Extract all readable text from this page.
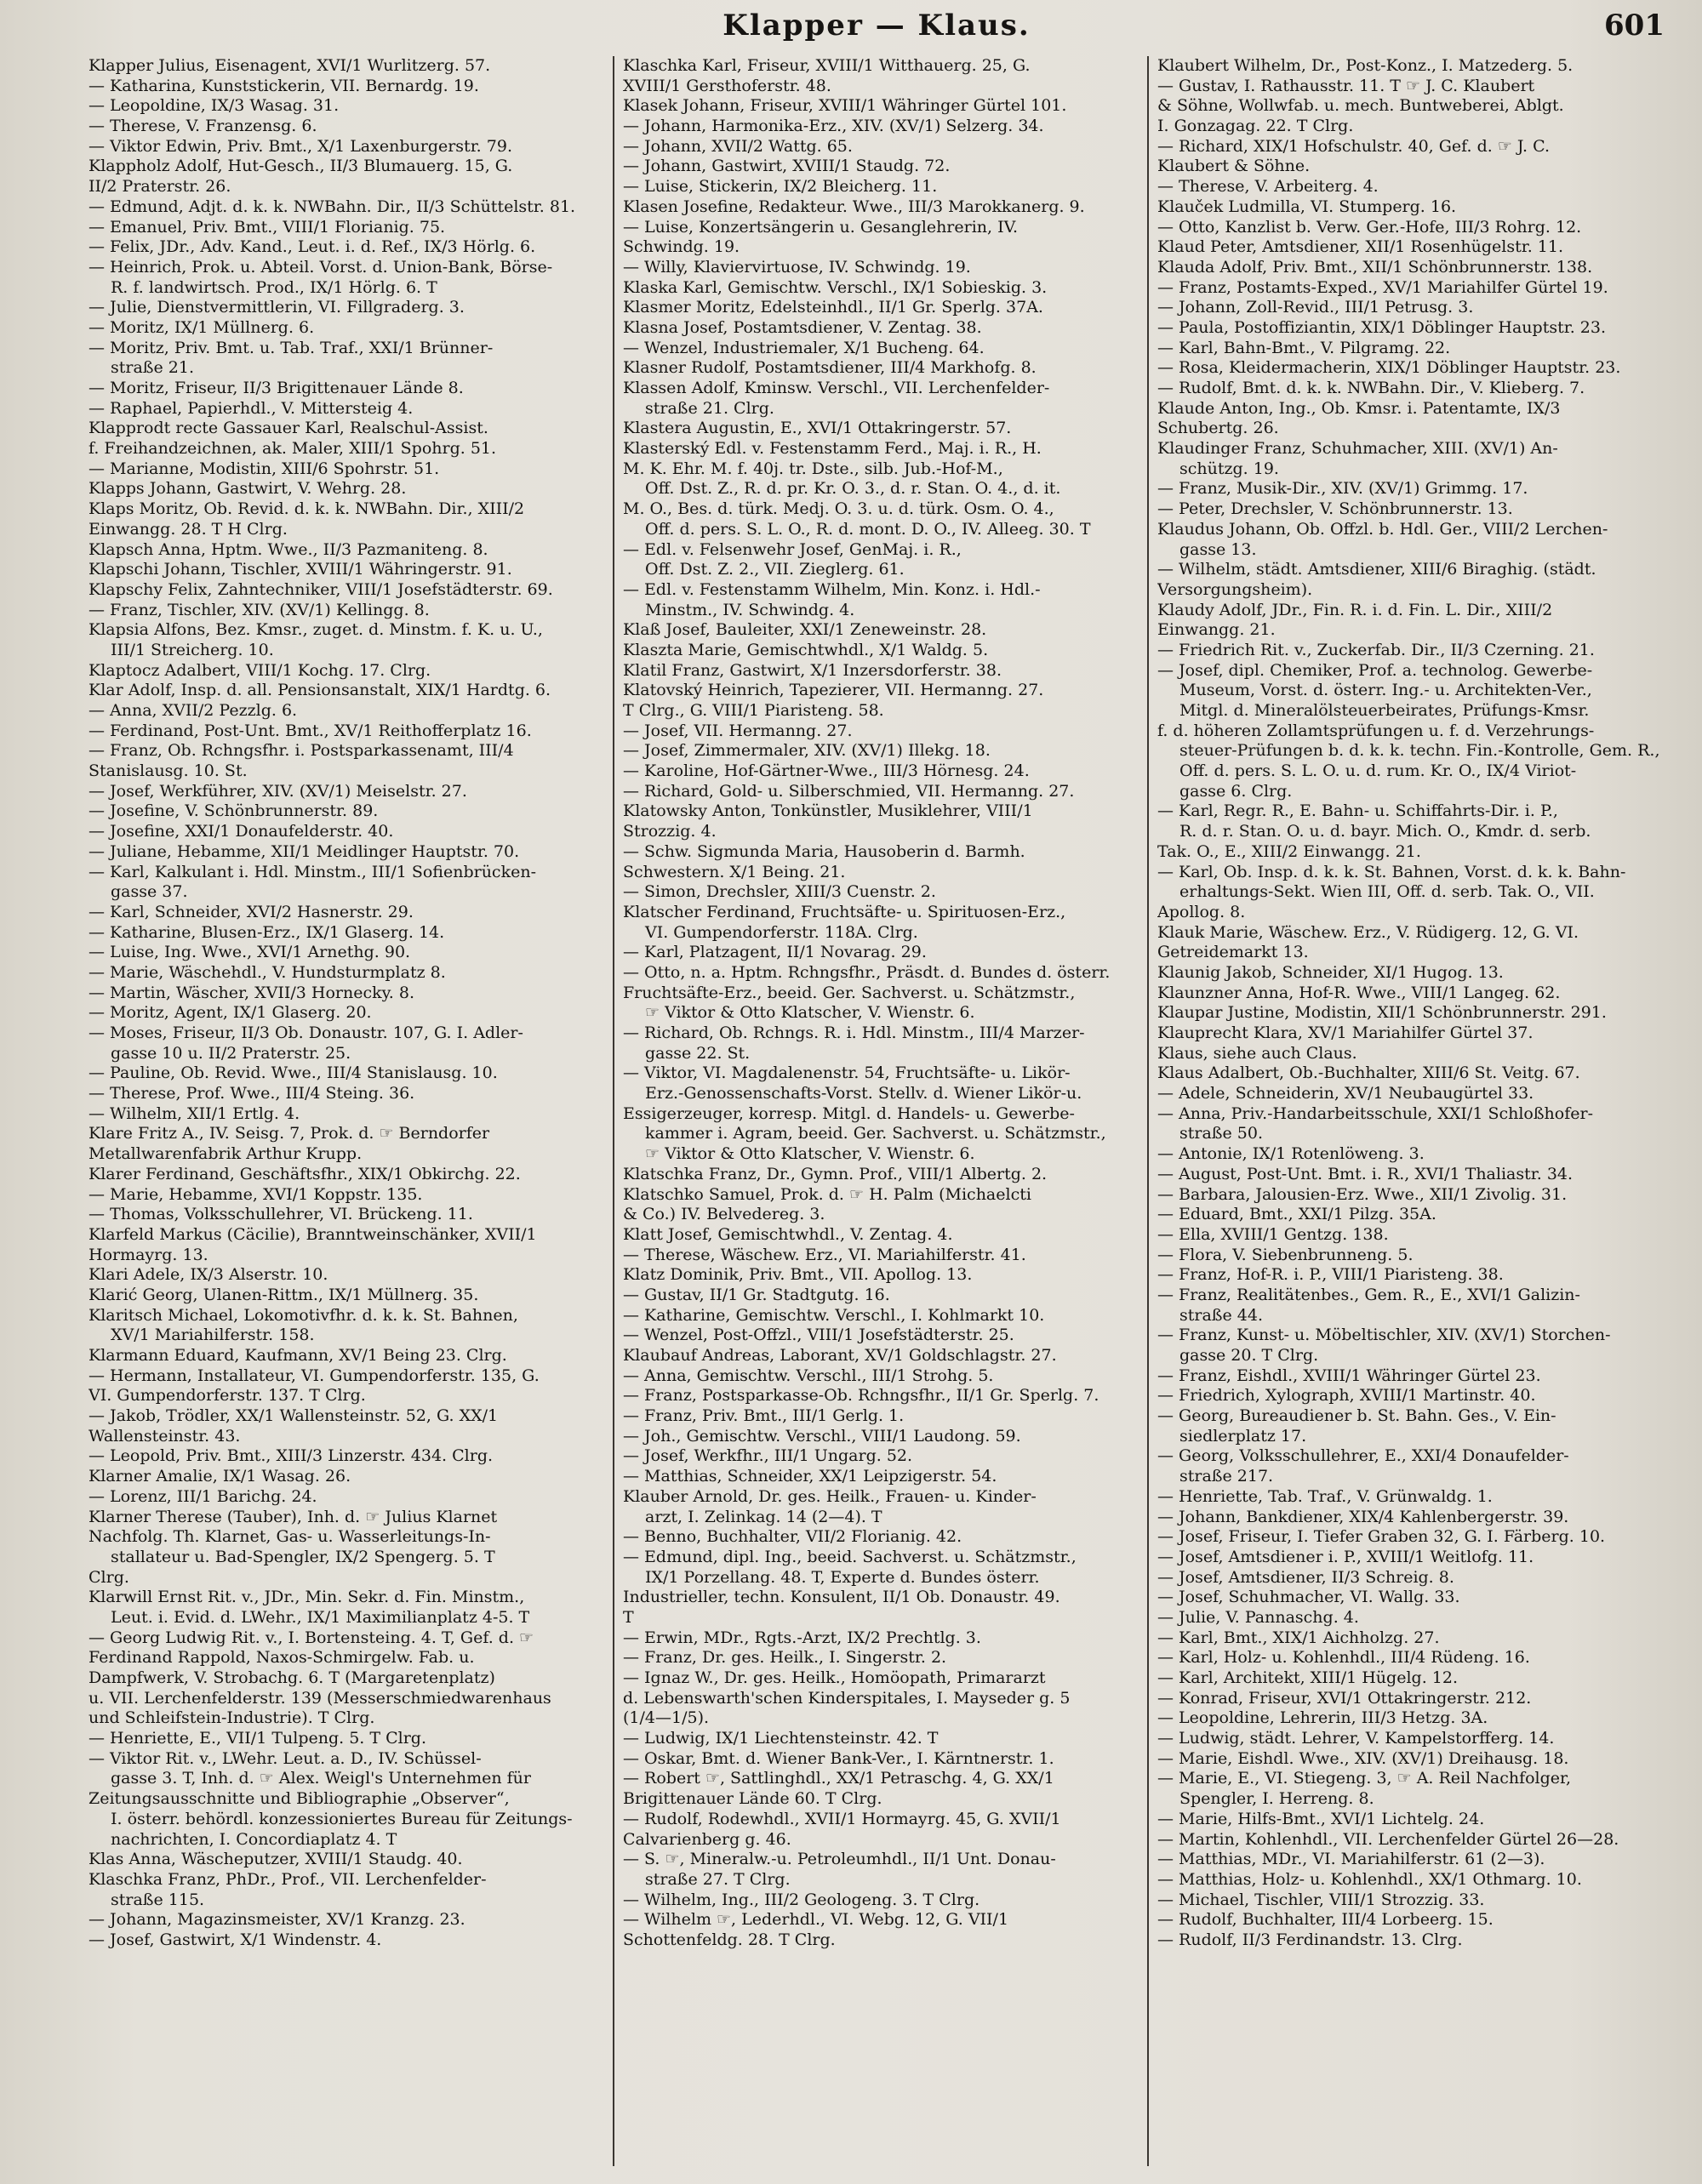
Klapper — Klaus.	601
Klapper Julius, Eisenagent, XVI/1 Wurlitzerg. 57.
— Katharina, Kunststickerin, VII. Bernardg. 19.
— Leopoldine, IX/3 Wasag. 31.
— Therese, V. Franzensg. 6.
— Viktor Edwin, Priv. Bmt., X/1 Laxenburgerstr. 79.
Klappholz Adolf, Hut-Gesch., II/3 Blumauerg. 15, G.
II/2 Praterstr. 26.
— Edmund, Adjt. d. k. k. NWBahn. Dir., II/3 Schüttelstr. 81.
— Emanuel, Priv. Bmt., VIII/1 Florianig. 75.
— Felix, JDr., Adv. Kand., Leut. i. d. Ref., IX/3 Hörlg. 6.
— Heinrich, Prok. u. Abteil. Vorst. d. Union-Bank, Börse-
R. f. landwirtsch. Prod., IX/1 Hörlg. 6. T
— Julie, Dienstvermittlerin, VI. Fillgraderg. 3.
— Moritz, IX/1 Müllnerg. 6.
— Moritz, Priv. Bmt. u. Tab. Traf., XXI/1 Brünner-
straße 21.
— Moritz, Friseur, II/3 Brigittenauer Lände 8.
— Raphael, Papierhdl., V. Mittersteig 4.
Klapprodt recte Gassauer Karl, Realschul-Assist.
f. Freihandzeichnen, ak. Maler, XIII/1 Spohrg. 51.
— Marianne, Modistin, XIII/6 Spohrstr. 51.
Klapps Johann, Gastwirt, V. Wehrg. 28.
Klaps Moritz, Ob. Revid. d. k. k. NWBahn. Dir., XIII/2
Einwangg. 28. T H Clrg.
Klapsch Anna, Hptm. Wwe., II/3 Pazmaniteng. 8.
Klapschi Johann, Tischler, XVIII/1 Währingerstr. 91.
Klapschy Felix, Zahntechniker, VIII/1 Josefstädterstr. 69.
— Franz, Tischler, XIV. (XV/1) Kellingg. 8.
Klapsia Alfons, Bez. Kmsr., zuget. d. Minstm. f. K. u. U.,
III/1 Streicherg. 10.
Klaptocz Adalbert, VIII/1 Kochg. 17. Clrg.
Klar Adolf, Insp. d. all. Pensionsanstalt, XIX/1 Hardtg. 6.
— Anna, XVII/2 Pezzlg. 6.
— Ferdinand, Post-Unt. Bmt., XV/1 Reithofferplatz 16.
— Franz, Ob. Rchngsfhr. i. Postsparkassenamt, III/4
Stanislausg. 10. St.
— Josef, Werkführer, XIV. (XV/1) Meiselstr. 27.
— Josefine, V. Schönbrunnerstr. 89.
— Josefine, XXI/1 Donaufelderstr. 40.
— Juliane, Hebamme, XII/1 Meidlinger Hauptstr. 70.
— Karl, Kalkulant i. Hdl. Minstm., III/1 Sofienbrücken-
gasse 37.
— Karl, Schneider, XVI/2 Hasnerstr. 29.
— Katharine, Blusen-Erz., IX/1 Glaserg. 14.
— Luise, Ing. Wwe., XVI/1 Arnethg. 90.
— Marie, Wäschehdl., V. Hundsturmplatz 8.
— Martin, Wäscher, XVII/3 Hornecky. 8.
— Moritz, Agent, IX/1 Glaserg. 20.
— Moses, Friseur, II/3 Ob. Donaustr. 107, G. I. Adler-
gasse 10 u. II/2 Praterstr. 25.
— Pauline, Ob. Revid. Wwe., III/4 Stanislausg. 10.
— Therese, Prof. Wwe., III/4 Steing. 36.
— Wilhelm, XII/1 Ertlg. 4.
Klare Fritz A., IV. Seisg. 7, Prok. d. ☞ Berndorfer
Metallwarenfabrik Arthur Krupp.
Klarer Ferdinand, Geschäftsfhr., XIX/1 Obkirchg. 22.
— Marie, Hebamme, XVI/1 Koppstr. 135.
— Thomas, Volksschullehrer, VI. Brückeng. 11.
Klarfeld Markus (Cäcilie), Branntweinschänker, XVII/1
Hormayrg. 13.
Klari Adele, IX/3 Alserstr. 10.
Klarić Georg, Ulanen-Rittm., IX/1 Müllnerg. 35.
Klaritsch Michael, Lokomotivfhr. d. k. k. St. Bahnen,
XV/1 Mariahilferstr. 158.
Klarmann Eduard, Kaufmann, XV/1 Being 23. Clrg.
— Hermann, Installateur, VI. Gumpendorferstr. 135, G.
VI. Gumpendorferstr. 137. T Clrg.
— Jakob, Trödler, XX/1 Wallensteinstr. 52, G. XX/1
Wallensteinstr. 43.
— Leopold, Priv. Bmt., XIII/3 Linzerstr. 434. Clrg.
Klarner Amalie, IX/1 Wasag. 26.
— Lorenz, III/1 Barichg. 24.
Klarner Therese (Tauber), Inh. d. ☞ Julius Klarnet
Nachfolg. Th. Klarnet, Gas- u. Wasserleitungs-In-
stallateur u. Bad-Spengler, IX/2 Spengerg. 5. T
Clrg.
Klarwill Ernst Rit. v., JDr., Min. Sekr. d. Fin. Minstm.,
Leut. i. Evid. d. LWehr., IX/1 Maximilianplatz 4-5. T
— Georg Ludwig Rit. v., I. Bortensteing. 4. T, Gef. d. ☞
Ferdinand Rappold, Naxos-Schmirgelw. Fab. u.
Dampfwerk, V. Strobachg. 6. T (Margaretenplatz)
u. VII. Lerchenfelderstr. 139 (Messerschmiedwarenhaus
und Schleifstein-Industrie). T Clrg.
— Henriette, E., VII/1 Tulpeng. 5. T Clrg.
— Viktor Rit. v., LWehr. Leut. a. D., IV. Schüssel-
gasse 3. T, Inh. d. ☞ Alex. Weigl's Unternehmen für
Zeitungsausschnitte und Bibliographie „Observer“,
I. österr. behördl. konzessioniertes Bureau für Zeitungs-
nachrichten, I. Concordiaplatz 4. T
Klas Anna, Wäscheputzer, XVIII/1 Staudg. 40.
Klaschka Franz, PhDr., Prof., VII. Lerchenfelder-
straße 115.
— Johann, Magazinsmeister, XV/1 Kranzg. 23.
— Josef, Gastwirt, X/1 Windenstr. 4.
Klaschka Karl, Friseur, XVIII/1 Witthauerg. 25, G.
XVIII/1 Gersthoferstr. 48.
Klasek Johann, Friseur, XVIII/1 Währinger Gürtel 101.
— Johann, Harmonika-Erz., XIV. (XV/1) Selzerg. 34.
— Johann, XVII/2 Wattg. 65.
— Johann, Gastwirt, XVIII/1 Staudg. 72.
— Luise, Stickerin, IX/2 Bleicherg. 11.
Klasen Josefine, Redakteur. Wwe., III/3 Marokkanerg. 9.
— Luise, Konzertsängerin u. Gesanglehrerin, IV.
Schwindg. 19.
— Willy, Klaviervirtuose, IV. Schwindg. 19.
Klaska Karl, Gemischtw. Verschl., IX/1 Sobieskig. 3.
Klasmer Moritz, Edelsteinhdl., II/1 Gr. Sperlg. 37A.
Klasna Josef, Postamtsdiener, V. Zentag. 38.
— Wenzel, Industriemaler, X/1 Bucheng. 64.
Klasner Rudolf, Postamtsdiener, III/4 Markhofg. 8.
Klassen Adolf, Kminsw. Verschl., VII. Lerchenfelder-
straße 21. Clrg.
Klastera Augustin, E., XVI/1 Ottakringerstr. 57.
Klasterský Edl. v. Festenstamm Ferd., Maj. i. R., H.
M. K. Ehr. M. f. 40j. tr. Dste., silb. Jub.-Hof-M.,
Off. Dst. Z., R. d. pr. Kr. O. 3., d. r. Stan. O. 4., d. it.
M. O., Bes. d. türk. Medj. O. 3. u. d. türk. Osm. O. 4.,
Off. d. pers. S. L. O., R. d. mont. D. O., IV. Alleeg. 30. T
— Edl. v. Felsenwehr Josef, GenMaj. i. R.,
Off. Dst. Z. 2., VII. Zieglerg. 61.
— Edl. v. Festenstamm Wilhelm, Min. Konz. i. Hdl.-
Minstm., IV. Schwindg. 4.
Klaß Josef, Bauleiter, XXI/1 Zeneweinstr. 28.
Klaszta Marie, Gemischtwhdl., X/1 Waldg. 5.
Klatil Franz, Gastwirt, X/1 Inzersdorferstr. 38.
Klatovský Heinrich, Tapezierer, VII. Hermanng. 27.
T Clrg., G. VIII/1 Piaristeng. 58.
— Josef, VII. Hermanng. 27.
— Josef, Zimmermaler, XIV. (XV/1) Illekg. 18.
— Karoline, Hof-Gärtner-Wwe., III/3 Hörnesg. 24.
— Richard, Gold- u. Silberschmied, VII. Hermanng. 27.
Klatowsky Anton, Tonkünstler, Musiklehrer, VIII/1
Strozzig. 4.
— Schw. Sigmunda Maria, Hausoberin d. Barmh.
Schwestern. X/1 Being. 21.
— Simon, Drechsler, XIII/3 Cuenstr. 2.
Klatscher Ferdinand, Fruchtsäfte- u. Spirituosen-Erz.,
VI. Gumpendorferstr. 118A. Clrg.
— Karl, Platzagent, II/1 Novarag. 29.
— Otto, n. a. Hptm. Rchngsfhr., Präsdt. d. Bundes d. österr.
Fruchtsäfte-Erz., beeid. Ger. Sachverst. u. Schätzmstr.,
☞ Viktor & Otto Klatscher, V. Wienstr. 6.
— Richard, Ob. Rchngs. R. i. Hdl. Minstm., III/4 Marzer-
gasse 22. St.
— Viktor, VI. Magdalenenstr. 54, Fruchtsäfte- u. Likör-
Erz.-Genossenschafts-Vorst. Stellv. d. Wiener Likör-u.
Essigerzeuger, korresp. Mitgl. d. Handels- u. Gewerbe-
kammer i. Agram, beeid. Ger. Sachverst. u. Schätzmstr.,
☞ Viktor & Otto Klatscher, V. Wienstr. 6.
Klatschka Franz, Dr., Gymn. Prof., VIII/1 Albertg. 2.
Klatschko Samuel, Prok. d. ☞ H. Palm (Michaelcti
& Co.) IV. Belvedereg. 3.
Klatt Josef, Gemischtwhdl., V. Zentag. 4.
— Therese, Wäschew. Erz., VI. Mariahilferstr. 41.
Klatz Dominik, Priv. Bmt., VII. Apollog. 13.
— Gustav, II/1 Gr. Stadtgutg. 16.
— Katharine, Gemischtw. Verschl., I. Kohlmarkt 10.
— Wenzel, Post-Offzl., VIII/1 Josefstädterstr. 25.
Klaubauf Andreas, Laborant, XV/1 Goldschlagstr. 27.
— Anna, Gemischtw. Verschl., III/1 Strohg. 5.
— Franz, Postsparkasse-Ob. Rchngsfhr., II/1 Gr. Sperlg. 7.
— Franz, Priv. Bmt., III/1 Gerlg. 1.
— Joh., Gemischtw. Verschl., VIII/1 Laudong. 59.
— Josef, Werkfhr., III/1 Ungarg. 52.
— Matthias, Schneider, XX/1 Leipzigerstr. 54.
Klauber Arnold, Dr. ges. Heilk., Frauen- u. Kinder-
arzt, I. Zelinkag. 14 (2—4). T
— Benno, Buchhalter, VII/2 Florianig. 42.
— Edmund, dipl. Ing., beeid. Sachverst. u. Schätzmstr.,
IX/1 Porzellang. 48. T, Experte d. Bundes österr.
Industrieller, techn. Konsulent, II/1 Ob. Donaustr. 49.
T
— Erwin, MDr., Rgts.-Arzt, IX/2 Prechtlg. 3.
— Franz, Dr. ges. Heilk., I. Singerstr. 2.
— Ignaz W., Dr. ges. Heilk., Homöopath, Primararzt
d. Lebenswarth'schen Kinderspitales, I. Mayseder g. 5
(1/4—1/5).
— Ludwig, IX/1 Liechtensteinstr. 42. T
— Oskar, Bmt. d. Wiener Bank-Ver., I. Kärntnerstr. 1.
— Robert ☞, Sattlinghdl., XX/1 Petraschg. 4, G. XX/1
Brigittenauer Lände 60. T Clrg.
— Rudolf, Rodewhdl., XVII/1 Hormayrg. 45, G. XVII/1
Calvarienberg g. 46.
— S. ☞, Mineralw.-u. Petroleumhdl., II/1 Unt. Donau-
straße 27. T Clrg.
— Wilhelm, Ing., III/2 Geologeng. 3. T Clrg.
— Wilhelm ☞, Lederhdl., VI. Webg. 12, G. VII/1
Schottenfeldg. 28. T Clrg.
Klaubert Wilhelm, Dr., Post-Konz., I. Matzederg. 5.
— Gustav, I. Rathausstr. 11. T ☞ J. C. Klaubert
& Söhne, Wollwfab. u. mech. Buntweberei, Ablgt.
I. Gonzagag. 22. T Clrg.
— Richard, XIX/1 Hofschulstr. 40, Gef. d. ☞ J. C.
Klaubert & Söhne.
— Therese, V. Arbeiterg. 4.
Klauček Ludmilla, VI. Stumperg. 16.
— Otto, Kanzlist b. Verw. Ger.-Hofe, III/3 Rohrg. 12.
Klaud Peter, Amtsdiener, XII/1 Rosenhügelstr. 11.
Klauda Adolf, Priv. Bmt., XII/1 Schönbrunnerstr. 138.
— Franz, Postamts-Exped., XV/1 Mariahilfer Gürtel 19.
— Johann, Zoll-Revid., III/1 Petrusg. 3.
— Paula, Postoffiziantin, XIX/1 Döblinger Hauptstr. 23.
— Karl, Bahn-Bmt., V. Pilgramg. 22.
— Rosa, Kleidermacherin, XIX/1 Döblinger Hauptstr. 23.
— Rudolf, Bmt. d. k. k. NWBahn. Dir., V. Klieberg. 7.
Klaude Anton, Ing., Ob. Kmsr. i. Patentamte, IX/3
Schubertg. 26.
Klaudinger Franz, Schuhmacher, XIII. (XV/1) An-
schützg. 19.
— Franz, Musik-Dir., XIV. (XV/1) Grimmg. 17.
— Peter, Drechsler, V. Schönbrunnerstr. 13.
Klaudus Johann, Ob. Offzl. b. Hdl. Ger., VIII/2 Lerchen-
gasse 13.
— Wilhelm, städt. Amtsdiener, XIII/6 Biraghig. (städt.
Versorgungsheim).
Klaudy Adolf, JDr., Fin. R. i. d. Fin. L. Dir., XIII/2
Einwangg. 21.
— Friedrich Rit. v., Zuckerfab. Dir., II/3 Czerning. 21.
— Josef, dipl. Chemiker, Prof. a. technolog. Gewerbe-
Museum, Vorst. d. österr. Ing.- u. Architekten-Ver.,
Mitgl. d. Mineralölsteuerbeirates, Prüfungs-Kmsr.
f. d. höheren Zollamtsprüfungen u. f. d. Verzehrungs-
steuer-Prüfungen b. d. k. k. techn. Fin.-Kontrolle, Gem. R.,
Off. d. pers. S. L. O. u. d. rum. Kr. O., IX/4 Viriot-
gasse 6. Clrg.
— Karl, Regr. R., E. Bahn- u. Schiffahrts-Dir. i. P.,
R. d. r. Stan. O. u. d. bayr. Mich. O., Kmdr. d. serb.
Tak. O., E., XIII/2 Einwangg. 21.
— Karl, Ob. Insp. d. k. k. St. Bahnen, Vorst. d. k. k. Bahn-
erhaltungs-Sekt. Wien III, Off. d. serb. Tak. O., VII.
Apollog. 8.
Klauk Marie, Wäschew. Erz., V. Rüdigerg. 12, G. VI.
Getreidemarkt 13.
Klaunig Jakob, Schneider, XI/1 Hugog. 13.
Klaunzner Anna, Hof-R. Wwe., VIII/1 Langeg. 62.
Klaupar Justine, Modistin, XII/1 Schönbrunnerstr. 291.
Klauprecht Klara, XV/1 Mariahilfer Gürtel 37.
Klaus, siehe auch Claus.
Klaus Adalbert, Ob.-Buchhalter, XIII/6 St. Veitg. 67.
— Adele, Schneiderin, XV/1 Neubaugürtel 33.
— Anna, Priv.-Handarbeitsschule, XXI/1 Schloßhofer-
straße 50.
— Antonie, IX/1 Rotenlöweng. 3.
— August, Post-Unt. Bmt. i. R., XVI/1 Thaliastr. 34.
— Barbara, Jalousien-Erz. Wwe., XII/1 Zivolig. 31.
— Eduard, Bmt., XXI/1 Pilzg. 35A.
— Ella, XVIII/1 Gentzg. 138.
— Flora, V. Siebenbrunneng. 5.
— Franz, Hof-R. i. P., VIII/1 Piaristeng. 38.
— Franz, Realitätenbes., Gem. R., E., XVI/1 Galizin-
straße 44.
— Franz, Kunst- u. Möbeltischler, XIV. (XV/1) Storchen-
gasse 20. T Clrg.
— Franz, Eishdl., XVIII/1 Währinger Gürtel 23.
— Friedrich, Xylograph, XVIII/1 Martinstr. 40.
— Georg, Bureaudiener b. St. Bahn. Ges., V. Ein-
siedlerplatz 17.
— Georg, Volksschullehrer, E., XXI/4 Donaufelder-
straße 217.
— Henriette, Tab. Traf., V. Grünwaldg. 1.
— Johann, Bankdiener, XIX/4 Kahlenbergerstr. 39.
— Josef, Friseur, I. Tiefer Graben 32, G. I. Färberg. 10.
— Josef, Amtsdiener i. P., XVIII/1 Weitlofg. 11.
— Josef, Amtsdiener, II/3 Schreig. 8.
— Josef, Schuhmacher, VI. Wallg. 33.
— Julie, V. Pannaschg. 4.
— Karl, Bmt., XIX/1 Aichholzg. 27.
— Karl, Holz- u. Kohlenhdl., III/4 Rüdeng. 16.
— Karl, Architekt, XIII/1 Hügelg. 12.
— Konrad, Friseur, XVI/1 Ottakringerstr. 212.
— Leopoldine, Lehrerin, III/3 Hetzg. 3A.
— Ludwig, städt. Lehrer, V. Kampelstorfferg. 14.
— Marie, Eishdl. Wwe., XIV. (XV/1) Dreihausg. 18.
— Marie, E., VI. Stiegeng. 3, ☞ A. Reil Nachfolger,
Spengler, I. Herreng. 8.
— Marie, Hilfs-Bmt., XVI/1 Lichtelg. 24.
— Martin, Kohlenhdl., VII. Lerchenfelder Gürtel 26—28.
— Matthias, MDr., VI. Mariahilferstr. 61 (2—3).
— Matthias, Holz- u. Kohlenhdl., XX/1 Othmarg. 10.
— Michael, Tischler, VIII/1 Strozzig. 33.
— Rudolf, Buchhalter, III/4 Lorbeerg. 15.
— Rudolf, II/3 Ferdinandstr. 13. Clrg.
